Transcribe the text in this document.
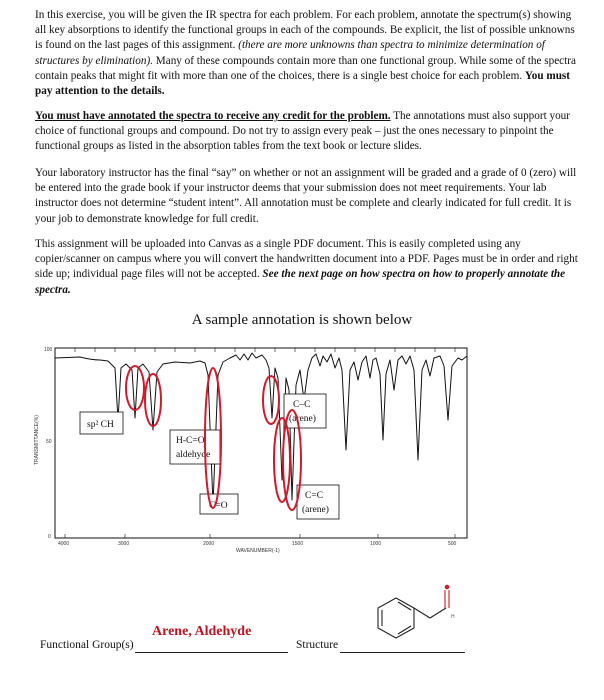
In this exercise, you will be given the IR spectra for each problem. For each problem, annotate the spectrum(s) showing all key absorptions to identify the functional groups in each of the compounds. Be explicit, the list of possible unknowns is found on the last pages of this assignment. (there are more unknowns than spectra to minimize determination of structures by elimination). Many of these compounds contain more than one functional group. While some of the spectra contain peaks that might fit with more than one of the choices, there is a single best choice for each problem. You must pay attention to the details.

You must have annotated the spectra to receive any credit for the problem. The annotations must also support your choice of functional groups and compound. Do not try to assign every peak – just the ones necessary to pinpoint the functional groups as listed in the absorption tables from the text book or lecture slides.

Your laboratory instructor has the final “say” on whether or not an assignment will be graded and a grade of 0 (zero) will be entered into the grade book if your instructor deems that your submission does not meet requirements. Your lab instructor does not determine “student intent”. All annotation must be complete and clearly indicated for full credit. It is your job to demonstrate knowledge for full credit.

This assignment will be uploaded into Canvas as a single PDF document. This is easily completed using any copier/scanner on campus where you will convert the handwritten document into a PDF. Pages must be in order and right side up; individual page files will not be accepted. See the next page on how spectra on how to properly annotate the spectra.

A sample annotation is shown below
100
50
0
TRANSMITTANCE(%)
4000	3000	2000
WAVENUMBER(-1)
1500	1000	500
sp² CH
H-C=O
aldehyde
C=O
C–C
(arene)
C=C
(arene)
Arene, Aldehyde
Functional Group(s)	Structure
H
